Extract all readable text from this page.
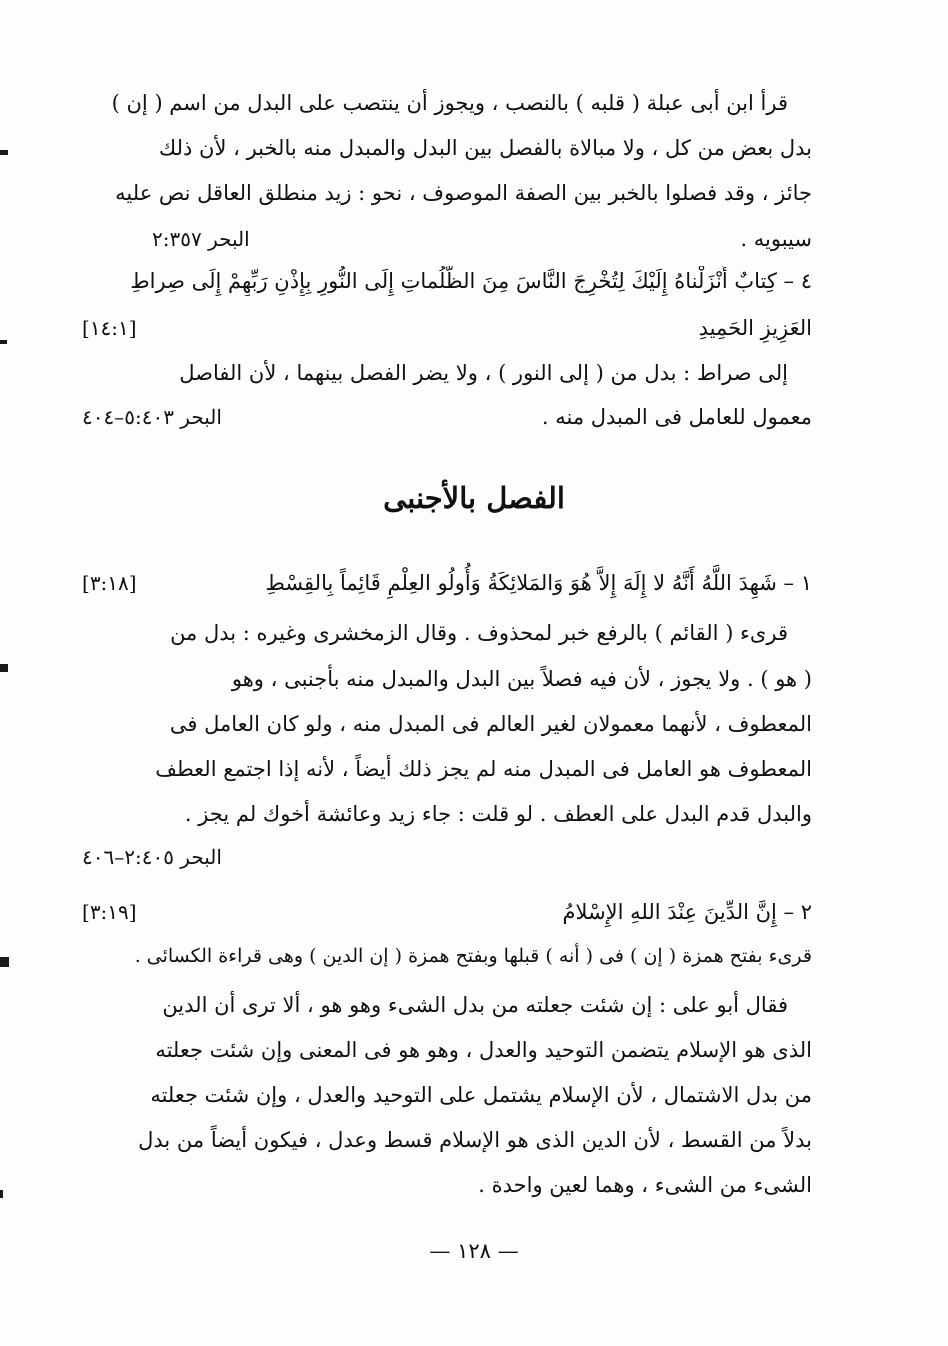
قرأ ابن أبى عبلة ( قلبه ) بالنصب ، ويجوز أن ينتصب على البدل من اسم ( إن )
بدل بعض من كل ، ولا مبالاة بالفصل بين البدل والمبدل منه بالخبر ، لأن ذلك
جائز ، وقد فصلوا بالخبر بين الصفة الموصوف ، نحو : زيد منطلق العاقل نص عليه
سيبويه .
البحر ٢:٣٥٧
٤ – كِتابٌ أَنْزَلْناهُ إِلَيْكَ لِتُخْرِجَ النَّاسَ مِنَ الظُّلُماتِ إِلَى النُّورِ بِإِذْنِ رَبِّهِمْ إِلَى صِراطِ
العَزِيزِ الحَمِيدِ
[١٤:١]
إلى صراط : بدل من ( إلى النور ) ، ولا يضر الفصل بينهما ، لأن الفاصل
معمول للعامل فى المبدل منه .
البحر ٥:٤٠٣–٤٠٤
الفصل بالأجنبى
١ – شَهِدَ اللَّهُ أَنَّهُ لا إِلَهَ إِلاَّ هُوَ وَالمَلائِكَةُ وَأُولُو العِلْمِ قَائِماً بِالقِسْطِ
[٣:١٨]
قرىء ( القائم ) بالرفع خبر لمحذوف . وقال الزمخشرى وغيره : بدل من
( هو ) . ولا يجوز ، لأن فيه فصلاً بين البدل والمبدل منه بأجنبى ، وهو
المعطوف ، لأنهما معمولان لغير العالم فى المبدل منه ، ولو كان العامل فى
المعطوف هو العامل فى المبدل منه لم يجز ذلك أيضاً ، لأنه إذا اجتمع العطف
والبدل قدم البدل على العطف . لو قلت : جاء زيد وعائشة أخوك لم يجز .
البحر ٢:٤٠٥–٤٠٦
٢ – إِنَّ الدِّينَ عِنْدَ اللهِ الإِسْلامُ
[٣:١٩]
قرىء بفتح همزة ( إن ) فى ( أنه ) قبلها وبفتح همزة ( إن الدين ) وهى قراءة الكسائى .
فقال أبو على : إن شئت جعلته من بدل الشىء وهو هو ، ألا ترى أن الدين
الذى هو الإسلام يتضمن التوحيد والعدل ، وهو هو فى المعنى وإن شئت جعلته
من بدل الاشتمال ، لأن الإسلام يشتمل على التوحيد والعدل ، وإن شئت جعلته
بدلاً من القسط ، لأن الدين الذى هو الإسلام قسط وعدل ، فيكون أيضاً من بدل
الشىء من الشىء ، وهما لعين واحدة .
— ١٢٨ —
